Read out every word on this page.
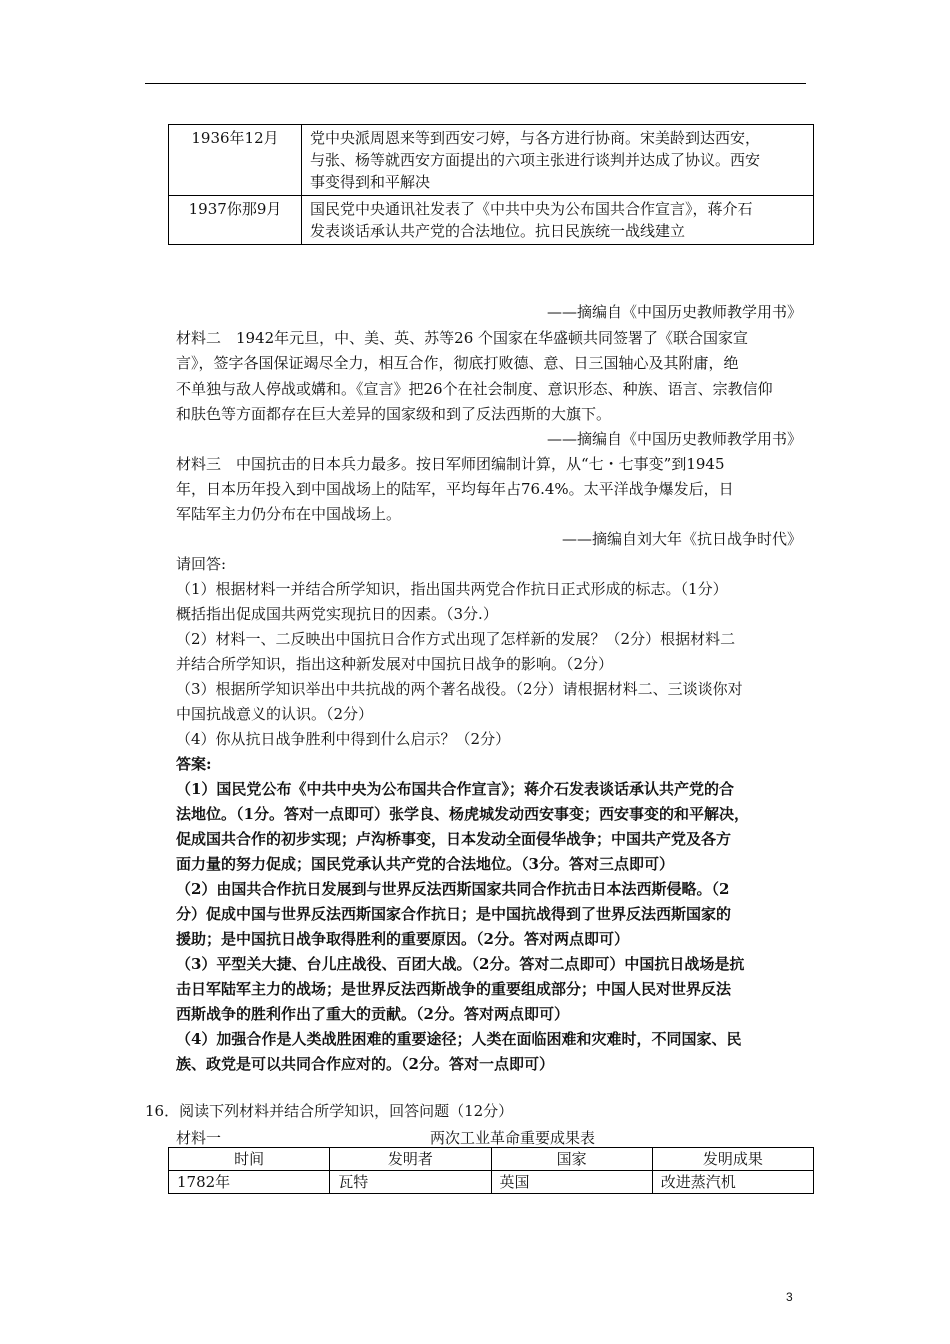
1936年12月	党中央派周恩来等到西安刁婷，与各方进行协商。宋美龄到达西安，
与张、杨等就西安方面提出的六项主张进行谈判并达成了协议。西安
事变得到和平解决

1937你那9月	国民党中央通讯社发表了《中共中央为公布国共合作宣言》，蒋介石
发表谈话承认共产党的合法地位。抗日民族统一战线建立
——摘编自《中国历史教师教学用书》
材料二　1942年元旦，中、美、英、苏等26 个国家在华盛顿共同签署了《联合国家宣
言》，签字各国保证竭尽全力，相互合作，彻底打败德、意、日三国轴心及其附庸，绝
不单独与敌人停战或媾和。《宣言》把26个在社会制度、意识形态、种族、语言、宗教信仰
和肤色等方面都存在巨大差异的国家级和到了反法西斯的大旗下。
——摘编自《中国历史教师教学用书》
材料三　中国抗击的日本兵力最多。按日军师团编制计算，从“七・七事变”到1945
年，日本历年投入到中国战场上的陆军，平均每年占76.4%。太平洋战争爆发后，日
军陆军主力仍分布在中国战场上。
——摘编自刘大年《抗日战争时代》
请回答:
（1）根据材料一并结合所学知识，指出国共两党合作抗日正式形成的标志。（1分）
概括指出促成国共两党实现抗日的因素。（3分.）
（2）材料一、二反映出中国抗日合作方式出现了怎样新的发展？（2分）根据材料二
并结合所学知识，指出这种新发展对中国抗日战争的影响。（2分）
（3）根据所学知识举出中共抗战的两个著名战役。（2分）请根据材料二、三谈谈你对
中国抗战意义的认识。（2分）
（4）你从抗日战争胜利中得到什么启示？（2分）
答案:
（1）国民党公布《中共中央为公布国共合作宣言》；蒋介石发表谈话承认共产党的合
法地位。（1分。答对一点即可）张学良、杨虎城发动西安事变；西安事变的和平解决，
促成国共合作的初步实现；卢沟桥事变，日本发动全面侵华战争；中国共产党及各方
面力量的努力促成；国民党承认共产党的合法地位。（3分。答对三点即可）
（2）由国共合作抗日发展到与世界反法西斯国家共同合作抗击日本法西斯侵略。（2
分）促成中国与世界反法西斯国家合作抗日；是中国抗战得到了世界反法西斯国家的
援助；是中国抗日战争取得胜利的重要原因。（2分。答对两点即可）
（3）平型关大捷、台儿庄战役、百团大战。（2分。答对二点即可）中国抗日战场是抗
击日军陆军主力的战场；是世界反法西斯战争的重要组成部分；中国人民对世界反法
西斯战争的胜利作出了重大的贡献。（2分。答对两点即可）
（4）加强合作是人类战胜困难的重要途径；人类在面临困难和灾难时，不同国家、民
族、政党是可以共同合作应对的。（2分。答对一点即可）
16．阅读下列材料并结合所学知识，回答问题（12分）
材料一	两次工业革命重要成果表
时间	发明者	国家	发明成果
1782年	瓦特	英国	改进蒸汽机
3
